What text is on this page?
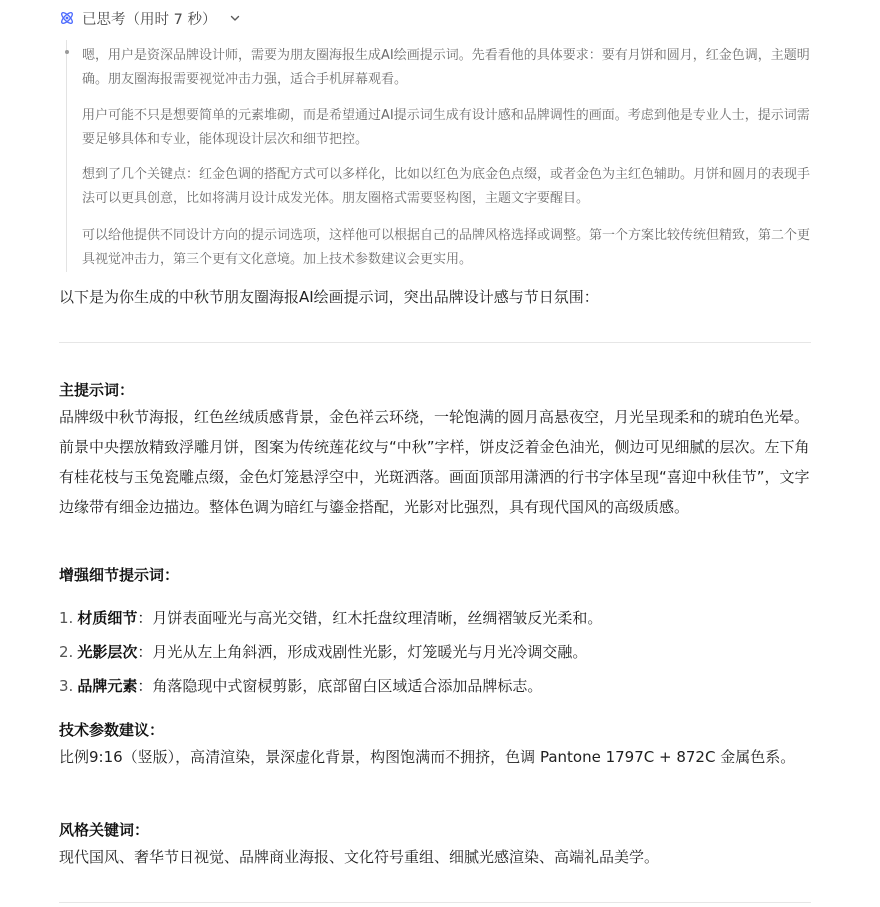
已思考（用时 7 秒）
嗯，用户是资深品牌设计师，需要为朋友圈海报生成AI绘画提示词。先看看他的具体要求：要有月饼和圆月，红金色调，主题明确。朋友圈海报需要视觉冲击力强，适合手机屏幕观看。
用户可能不只是想要简单的元素堆砌，而是希望通过AI提示词生成有设计感和品牌调性的画面。考虑到他是专业人士，提示词需要足够具体和专业，能体现设计层次和细节把控。
想到了几个关键点：红金色调的搭配方式可以多样化，比如以红色为底金色点缀，或者金色为主红色辅助。月饼和圆月的表现手法可以更具创意，比如将满月设计成发光体。朋友圈格式需要竖构图，主题文字要醒目。
可以给他提供不同设计方向的提示词选项，这样他可以根据自己的品牌风格选择或调整。第一个方案比较传统但精致，第二个更具视觉冲击力，第三个更有文化意境。加上技术参数建议会更实用。
以下是为你生成的中秋节朋友圈海报AI绘画提示词，突出品牌设计感与节日氛围：
主提示词：
品牌级中秋节海报，红色丝绒质感背景，金色祥云环绕，一轮饱满的圆月高悬夜空，月光呈现柔和的琥珀色光晕。前景中央摆放精致浮雕月饼，图案为传统莲花纹与“中秋”字样，饼皮泛着金色油光，侧边可见细腻的层次。左下角有桂花枝与玉兔瓷雕点缀，金色灯笼悬浮空中，光斑洒落。画面顶部用潇洒的行书字体呈现“喜迎中秋佳节”，文字边缘带有细金边描边。整体色调为暗红与鎏金搭配，光影对比强烈，具有现代国风的高级质感。
增强细节提示词：
1. 材质细节：月饼表面哑光与高光交错，红木托盘纹理清晰，丝绸褶皱反光柔和。
2. 光影层次：月光从左上角斜洒，形成戏剧性光影，灯笼暖光与月光冷调交融。
3. 品牌元素：角落隐现中式窗棂剪影，底部留白区域适合添加品牌标志。
技术参数建议：
比例9:16（竖版），高清渲染，景深虚化背景，构图饱满而不拥挤，色调 Pantone 1797C + 872C 金属色系。
风格关键词：
现代国风、奢华节日视觉、品牌商业海报、文化符号重组、细腻光感渲染、高端礼品美学。
